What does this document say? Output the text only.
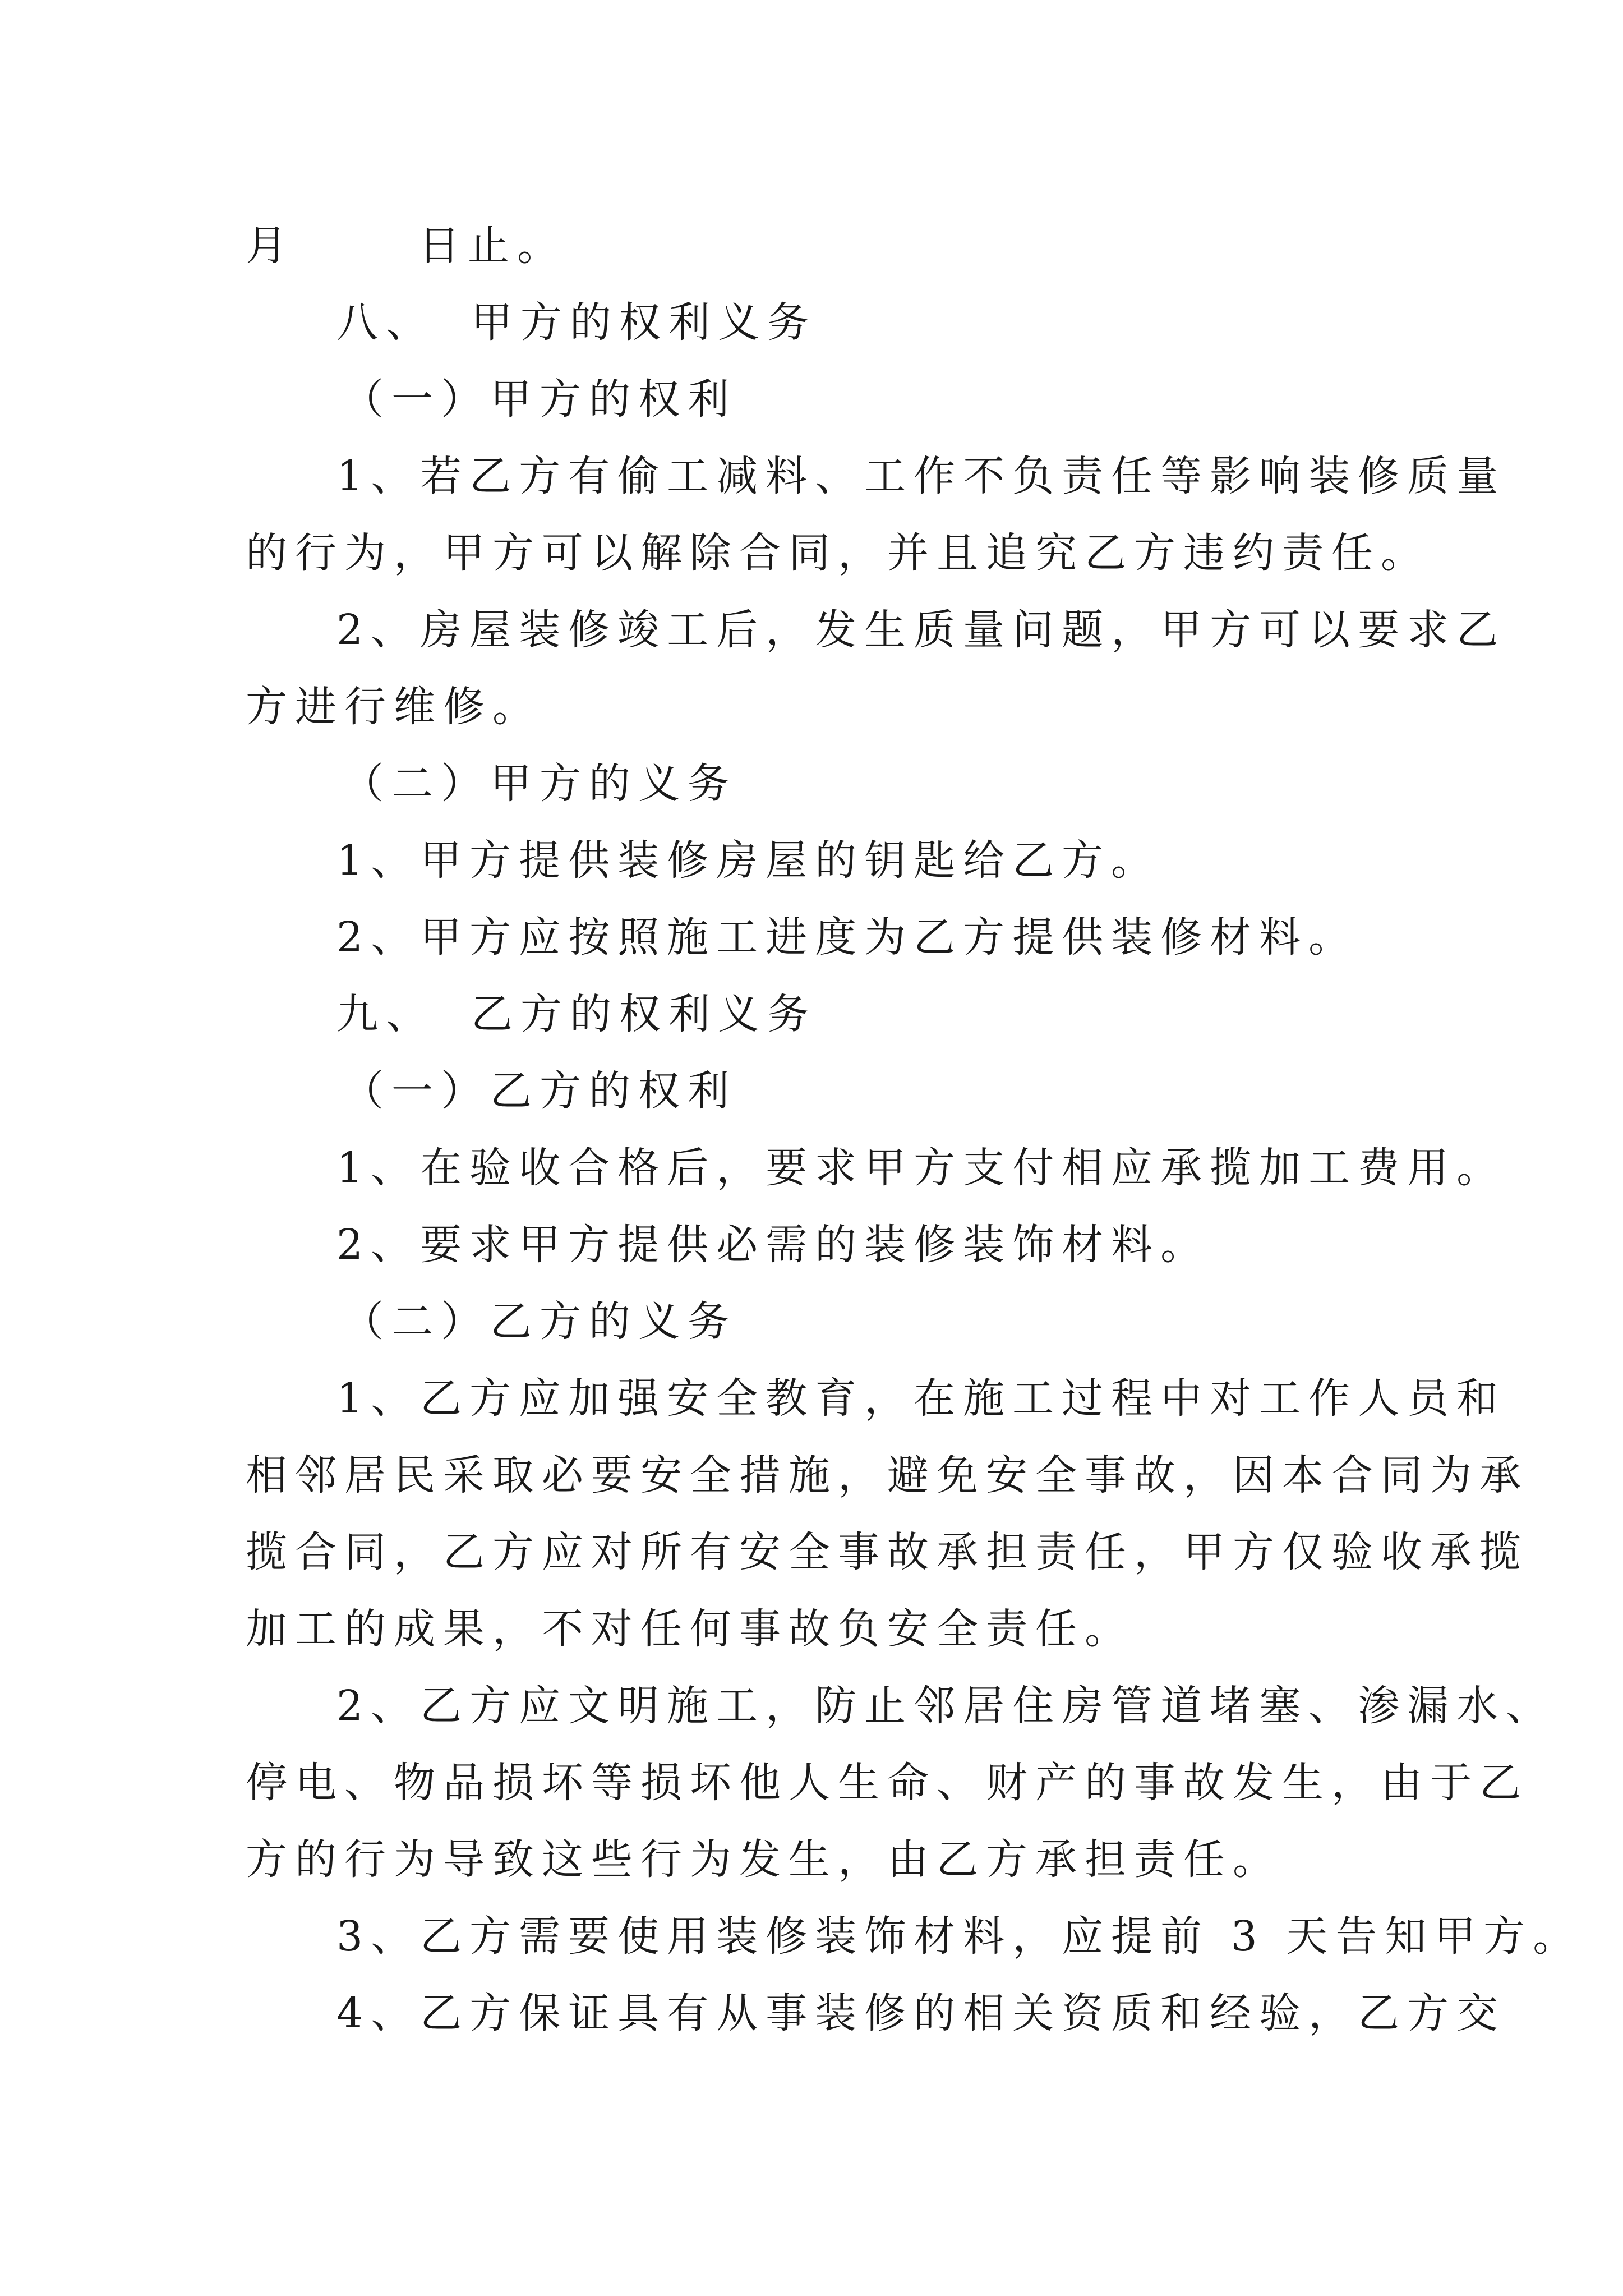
月	日止。
八、 甲方的权利义务
（一）甲方的权利
1、若乙方有偷工减料、工作不负责任等影响装修质量
的行为，甲方可以解除合同，并且追究乙方违约责任。
2、房屋装修竣工后，发生质量问题，甲方可以要求乙
方进行维修。
（二）甲方的义务
1、甲方提供装修房屋的钥匙给乙方。
2、甲方应按照施工进度为乙方提供装修材料。
九、 乙方的权利义务
（一）乙方的权利
1、在验收合格后，要求甲方支付相应承揽加工费用。
2、要求甲方提供必需的装修装饰材料。
（二）乙方的义务
1、乙方应加强安全教育，在施工过程中对工作人员和
相邻居民采取必要安全措施，避免安全事故，因本合同为承
揽合同，乙方应对所有安全事故承担责任，甲方仅验收承揽
加工的成果，不对任何事故负安全责任。
2、乙方应文明施工，防止邻居住房管道堵塞、渗漏水、
停电、物品损坏等损坏他人生命、财产的事故发生，由于乙
方的行为导致这些行为发生，由乙方承担责任。
3、乙方需要使用装修装饰材料，应提前 3 天告知甲方。
4、乙方保证具有从事装修的相关资质和经验，乙方交
